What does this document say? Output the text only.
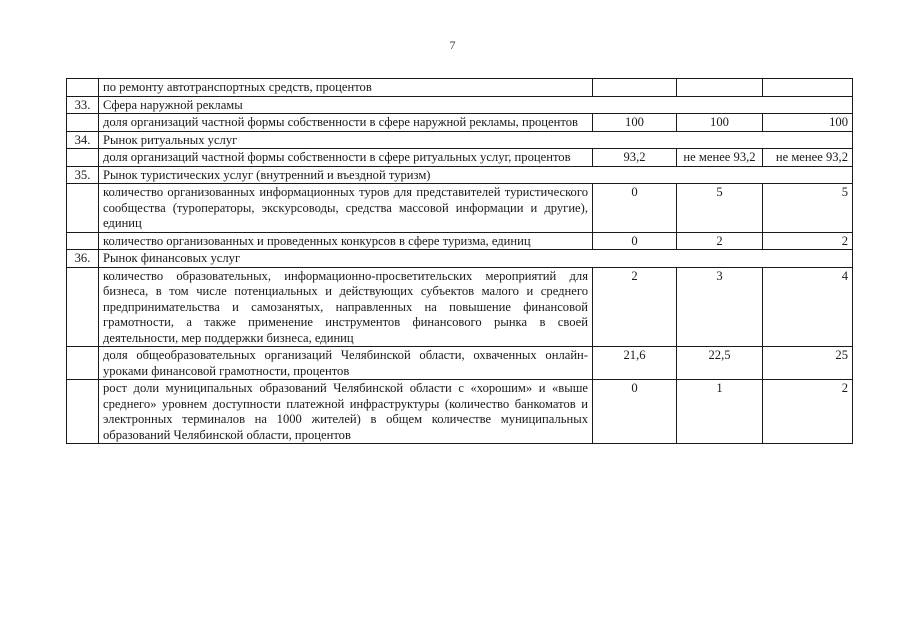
7
	по ремонту автотранспортных средств, процентов			
33.	Сфера наружной рекламы			
	доля организаций частной формы собственности в сфере наружной рекламы, процентов	100	100	100
34.	Рынок ритуальных услуг			
	доля организаций частной формы собственности в сфере ритуальных услуг, процентов	93,2	не менее 93,2	не менее 93,2
35.	Рынок туристических услуг (внутренний и въездной туризм)			
	количество организованных информационных туров для представителей туристического сообщества (туроператоры, экскурсоводы, средства массовой информации и другие), единиц	0	5	5
	количество организованных и проведенных конкурсов в сфере туризма, единиц	0	2	2
36.	Рынок финансовых услуг			
	количество образовательных, информационно-просветительских мероприятий для бизнеса, в том числе потенциальных и действующих субъектов малого и среднего предпринимательства и самозанятых, направленных на повышение финансовой грамотности, а также применение инструментов финансового рынка в своей деятельности, мер поддержки бизнеса, единиц	2	3	4
	доля общеобразовательных организаций Челябинской области, охваченных онлайн-уроками финансовой грамотности, процентов	21,6	22,5	25
	рост доли муниципальных образований Челябинской области с «хорошим» и «выше среднего» уровнем доступности платежной инфраструктуры (количество банкоматов и электронных терминалов на 1000 жителей) в общем количестве муниципальных образований Челябинской области, процентов	0	1	2
